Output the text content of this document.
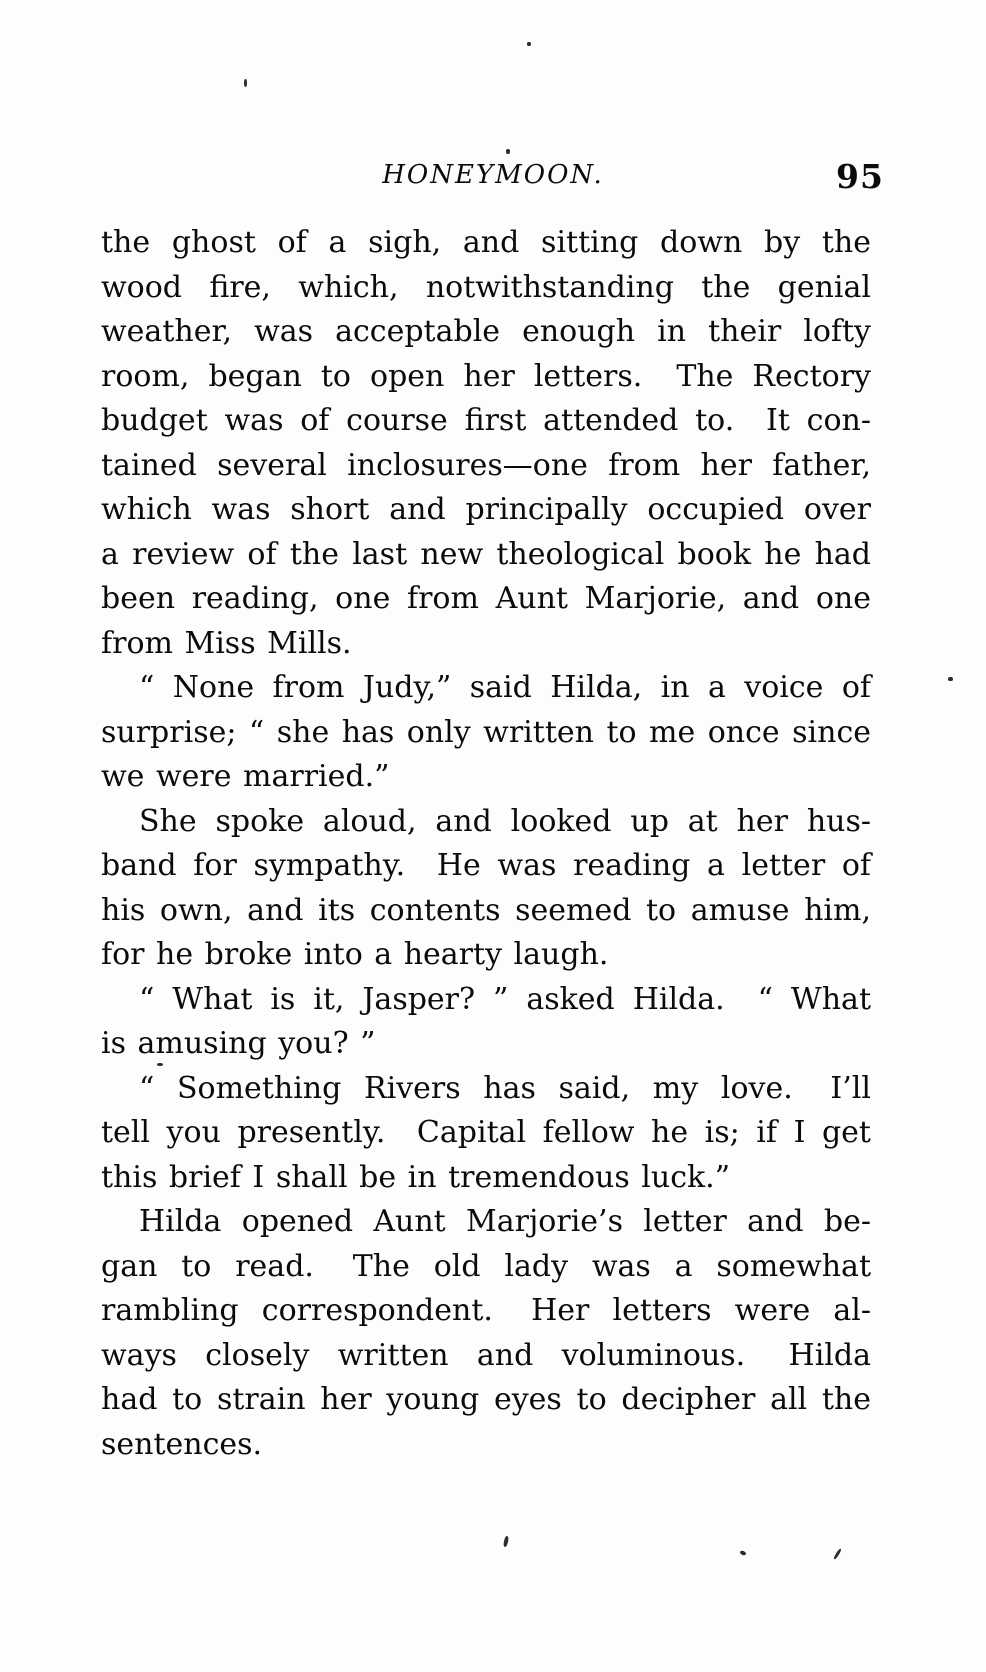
HONEYMOON.	95
the ghost of a sigh, and sitting down by the
wood fire, which, notwithstanding the genial
weather, was acceptable enough in their lofty
room, began to open her letters.  The Rectory
budget was of course first attended to.  It con-
tained several inclosures—one from her father,
which was short and principally occupied over
a review of the last new theological book he had
been reading, one from Aunt Marjorie, and one
from Miss Mills.
“ None from Judy,” said Hilda, in a voice of
surprise; “ she has only written to me once since
we were married.”
She spoke aloud, and looked up at her hus-
band for sympathy.  He was reading a letter of
his own, and its contents seemed to amuse him,
for he broke into a hearty laugh.
“ What is it, Jasper? ” asked Hilda.  “ What
is amusing you? ”
“ Something Rivers has said, my love.  I’ll
tell you presently.  Capital fellow he is; if I get
this brief I shall be in tremendous luck.”
Hilda opened Aunt Marjorie’s letter and be-
gan to read.  The old lady was a somewhat
rambling correspondent.  Her letters were al-
ways closely written and voluminous.  Hilda
had to strain her young eyes to decipher all the
sentences.
